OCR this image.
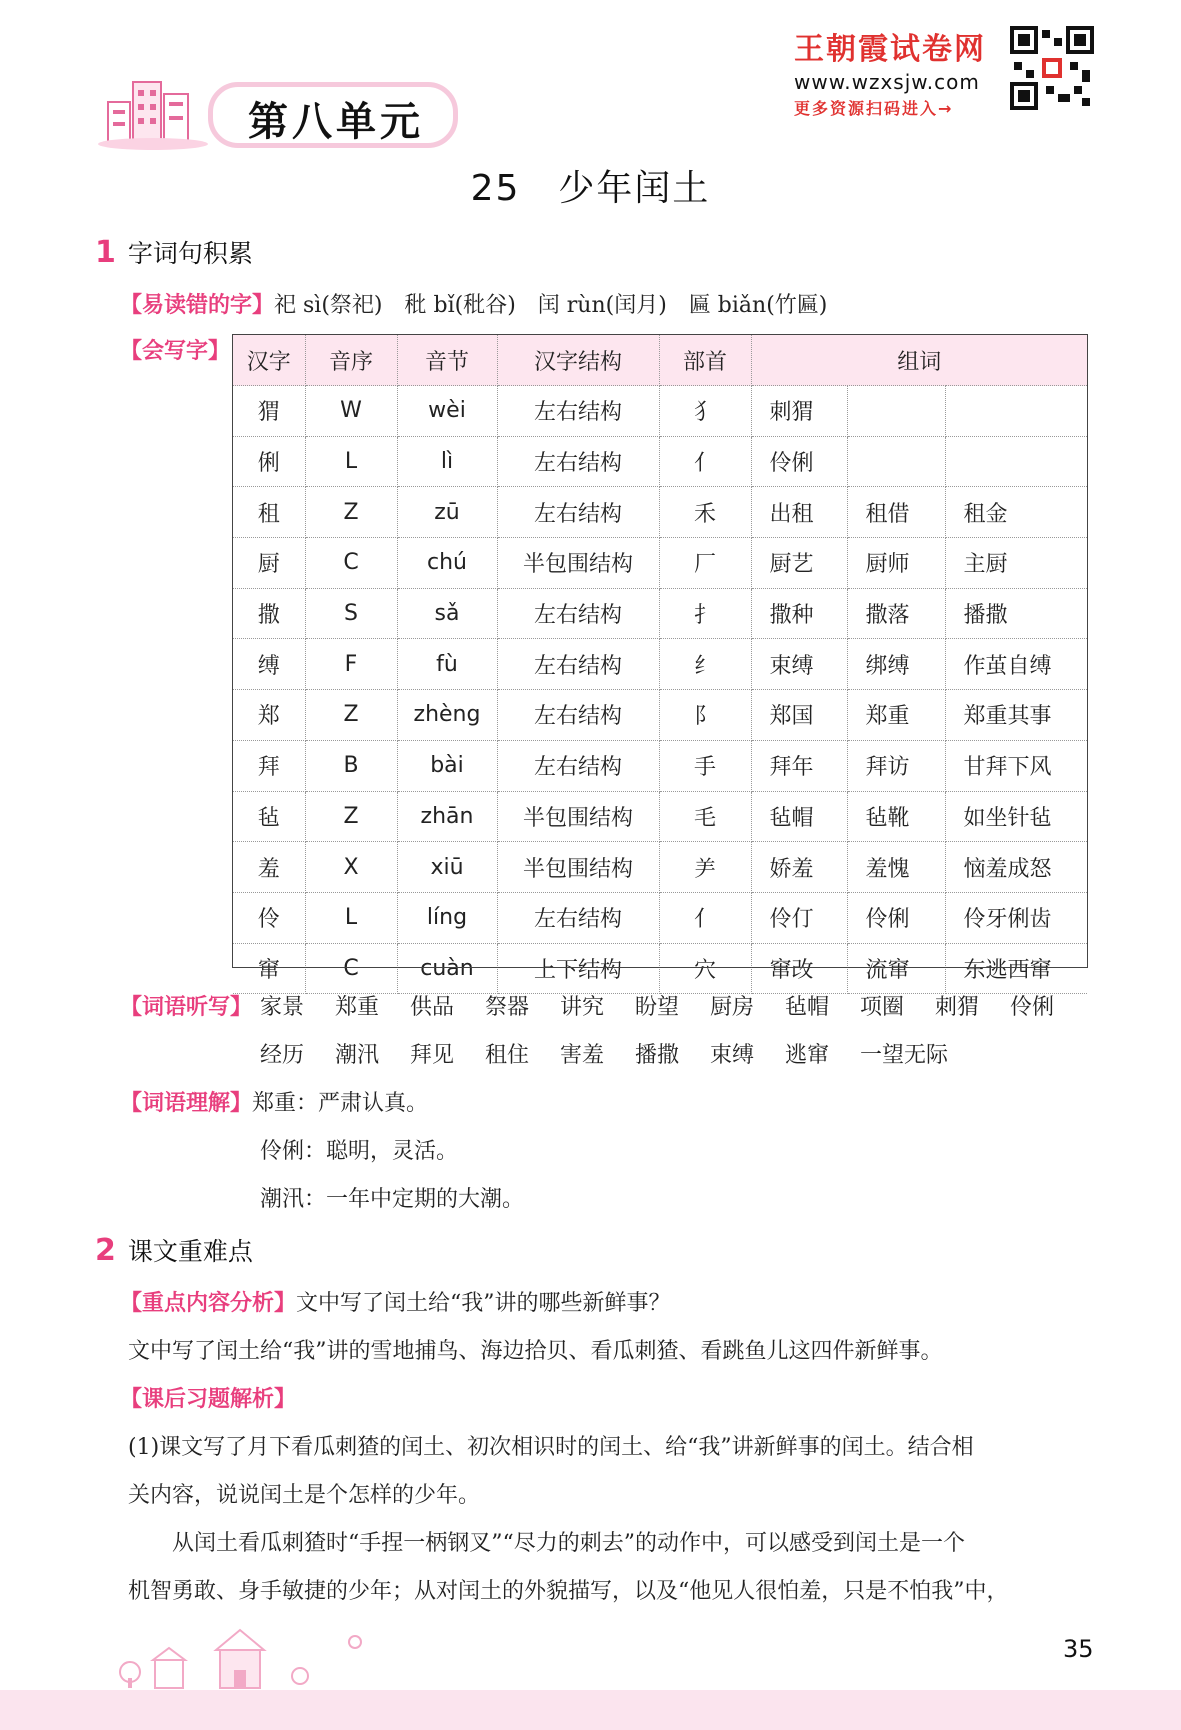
第八单元
王朝霞试卷网
www.wzxsjw.com
更多资源扫码进入→
25　少年闰土
1 字词句积累
【易读错的字】祀 sì(祭祀)　秕 bǐ(秕谷)　闰 rùn(闰月)　匾 biǎn(竹匾)
【会写字】 汉字	音序	音节	汉字结构	部首	组词		
猬	W	wèi	左右结构	犭	刺猬		
俐	L	lì	左右结构	亻	伶俐		
租	Z	zū	左右结构	禾	出租	租借	租金
厨	C	chú	半包围结构	厂	厨艺	厨师	主厨
撒	S	sǎ	左右结构	扌	撒种	撒落	播撒
缚	F	fù	左右结构	纟	束缚	绑缚	作茧自缚
郑	Z	zhèng	左右结构	阝	郑国	郑重	郑重其事
拜	B	bài	左右结构	手	拜年	拜访	甘拜下风
毡	Z	zhān	半包围结构	毛	毡帽	毡靴	如坐针毡
羞	X	xiū	半包围结构	⺶	娇羞	羞愧	恼羞成怒
伶	L	líng	左右结构	亻	伶仃	伶俐	伶牙俐齿
窜	C	cuàn	上下结构	穴	窜改	流窜	东逃西窜
【词语听写】 家景 郑重 供品 祭器 讲究 盼望 厨房 毡帽 项圈 刺猬 伶俐
经历 潮汛 拜见 租住 害羞 播撒 束缚 逃窜 一望无际
【词语理解】郑重：严肃认真。
伶俐：聪明，灵活。
潮汛：一年中定期的大潮。
2 课文重难点
【重点内容分析】文中写了闰土给“我”讲的哪些新鲜事？
文中写了闰土给“我”讲的雪地捕鸟、海边拾贝、看瓜刺猹、看跳鱼儿这四件新鲜事。
【课后习题解析】
(1)课文写了月下看瓜刺猹的闰土、初次相识时的闰土、给“我”讲新鲜事的闰土。结合相
关内容，说说闰土是个怎样的少年。
　　从闰土看瓜刺猹时“手捏一柄钢叉”“尽力的刺去”的动作中，可以感受到闰土是一个
机智勇敢、身手敏捷的少年；从对闰土的外貌描写，以及“他见人很怕羞，只是不怕我”中，
35
